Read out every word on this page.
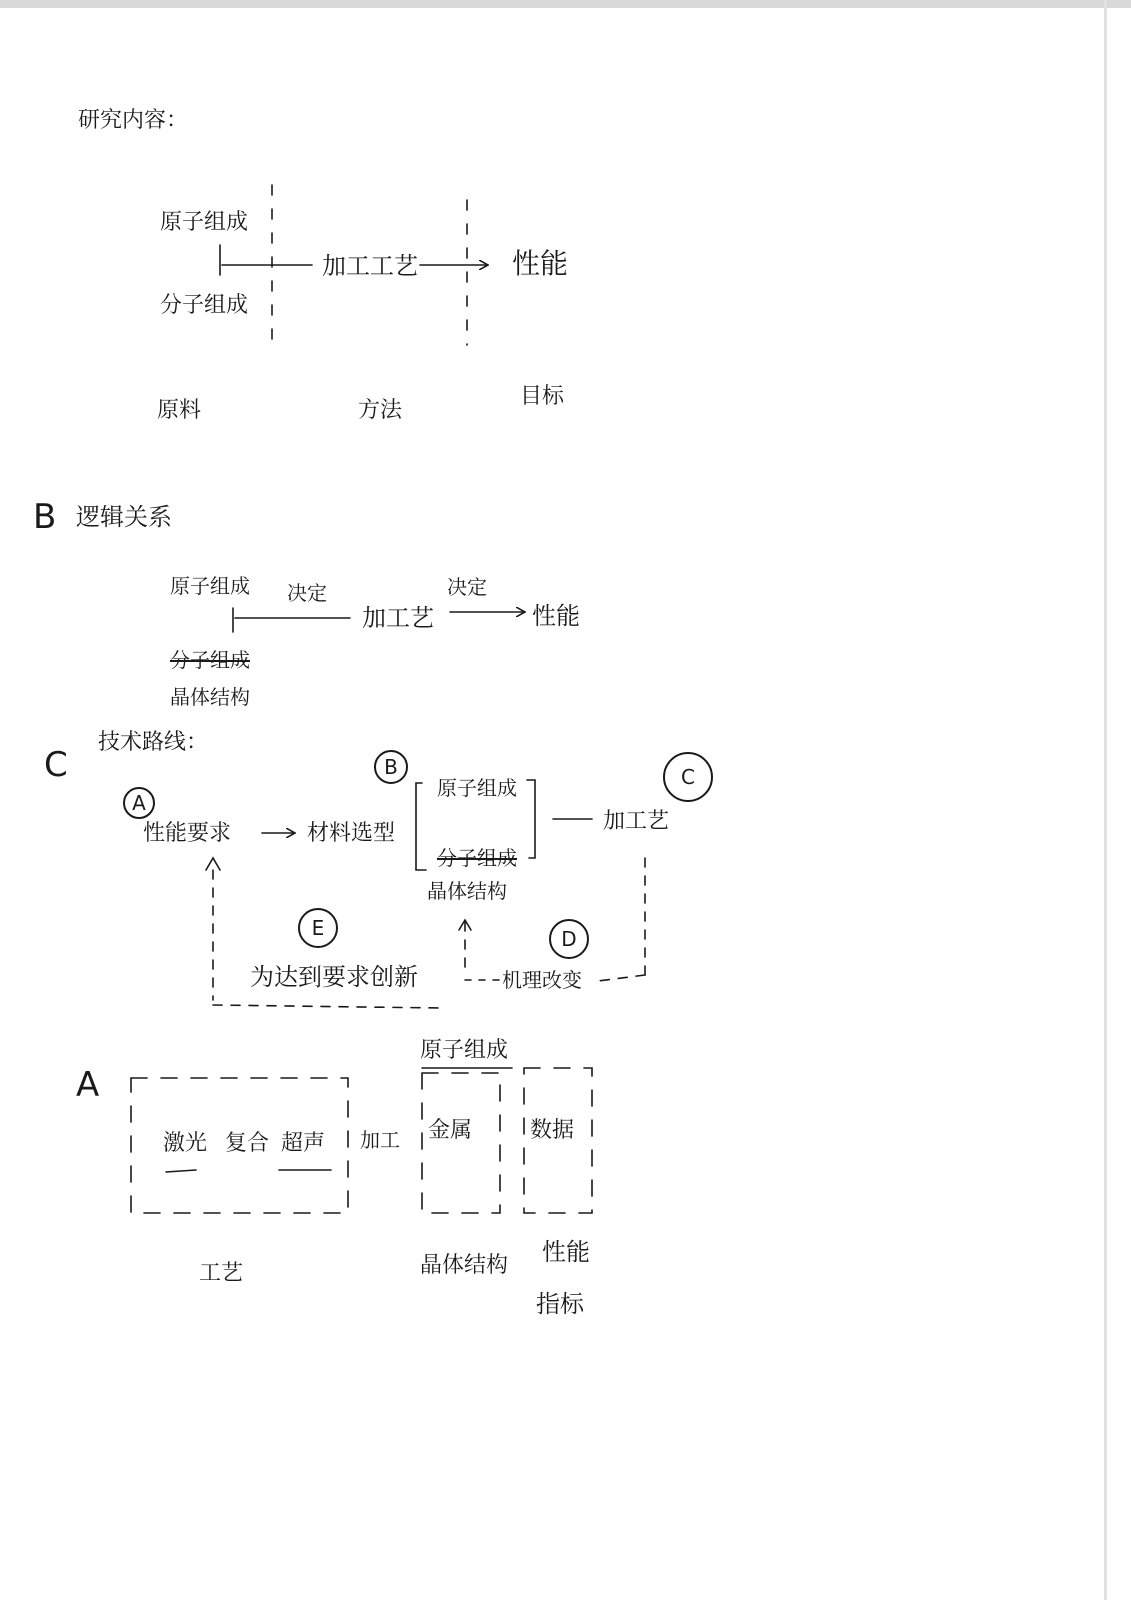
研究内容：
原子组成
分子组成
加工工艺	性能
原料	方法
目标
B 逻辑关系
原子组成 决定
加工艺
决定
性能
分子组成
晶体结构
C
技术路线：
A
B	C
D
E
性能要求	材料选型
原子组成
分子组成
晶体结构
加工艺
机理改变
为达到要求创新
A
激光 复合 超声
工艺
加工
原子组成
金属
晶体结构
数据
性能
指标
